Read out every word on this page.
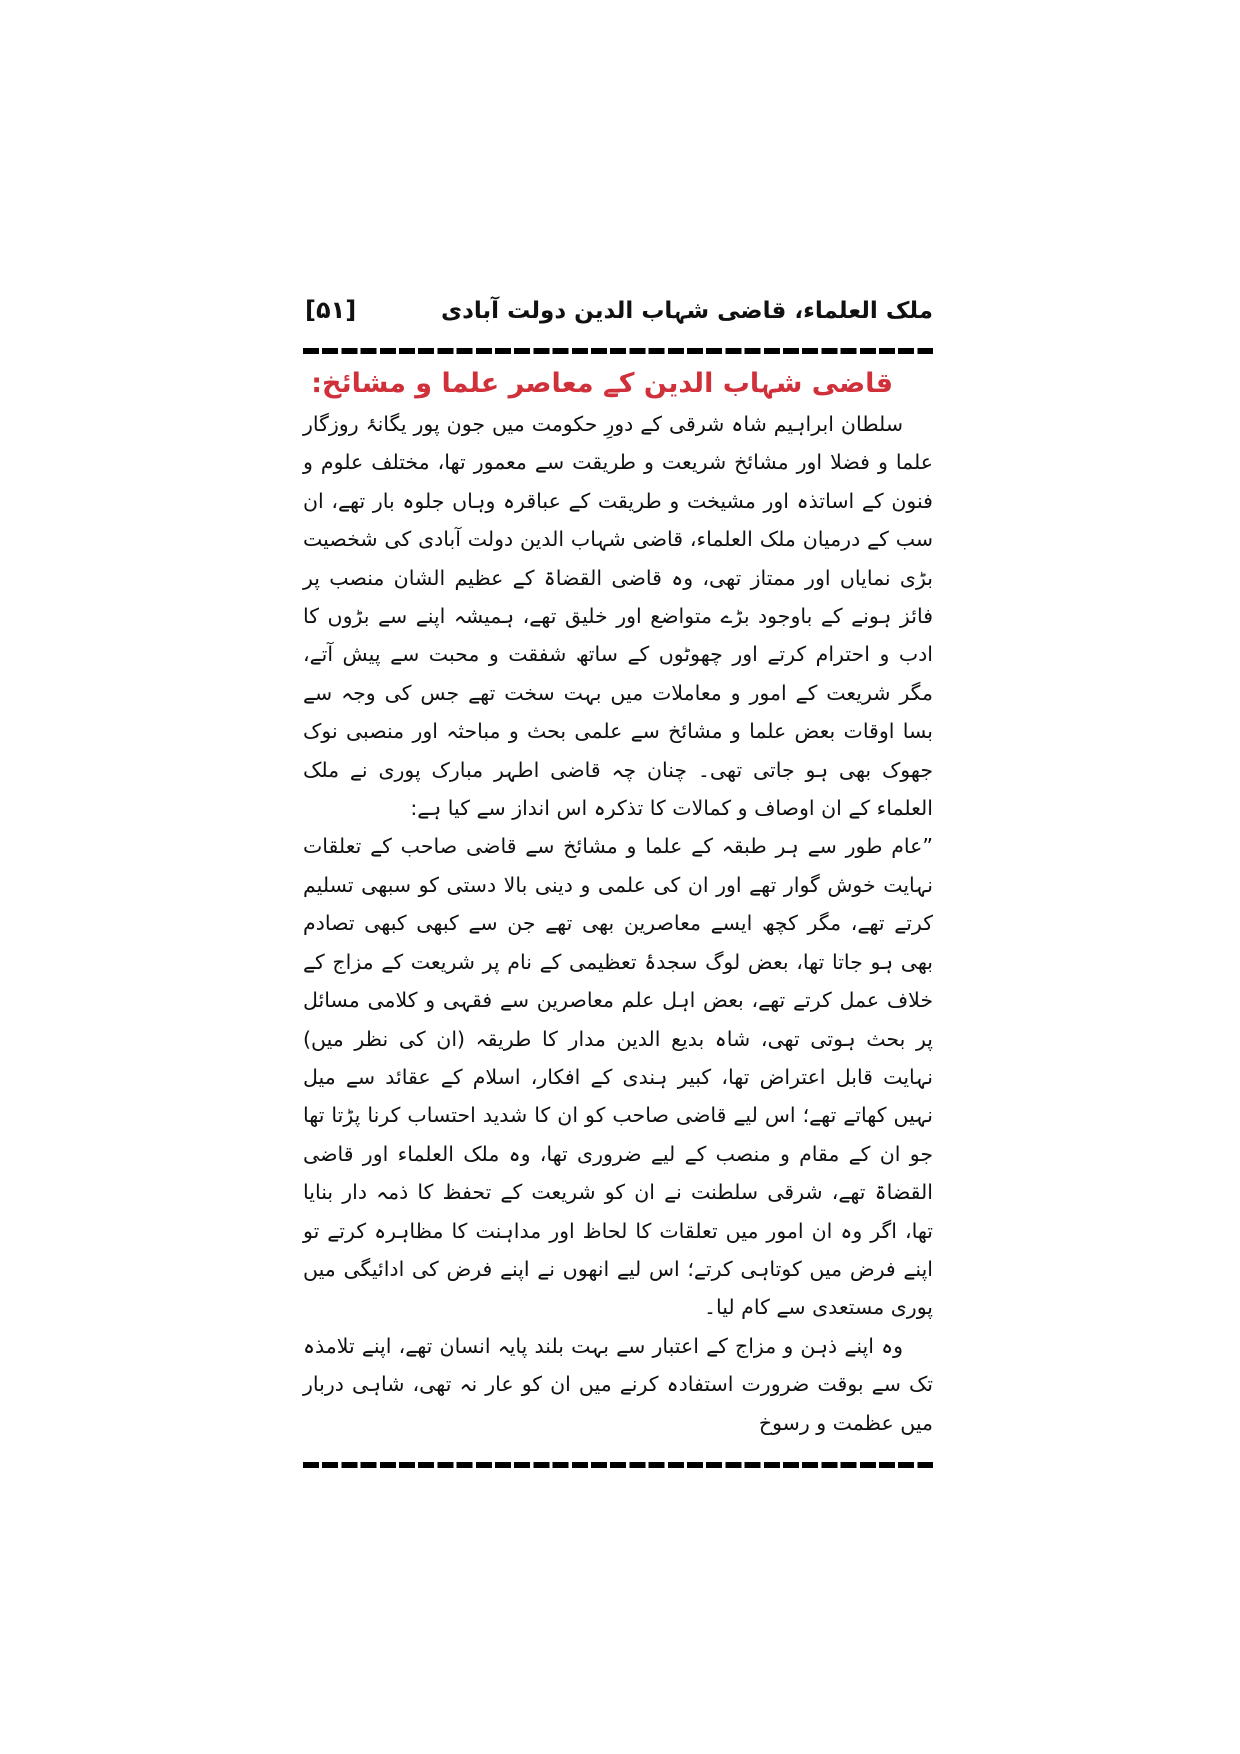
ملک العلماء، قاضی شہاب الدین دولت آبادی
[۵۱]
قاضی شہاب الدین کے معاصر علما و مشائخ:

سلطان ابراہیم شاہ شرقی کے دورِ حکومت میں جون پور یگانۂ روزگار علما و فضلا اور مشائخ شریعت و طریقت سے معمور تھا، مختلف علوم و فنون کے اساتذہ اور مشیخت و طریقت کے عباقرہ وہاں جلوہ بار تھے، ان سب کے درمیان ملک العلماء، قاضی شہاب الدین دولت آبادی کی شخصیت بڑی نمایاں اور ممتاز تھی، وہ قاضی القضاۃ کے عظیم الشان منصب پر فائز ہونے کے باوجود بڑے متواضع اور خلیق تھے، ہمیشہ اپنے سے بڑوں کا ادب و احترام کرتے اور چھوٹوں کے ساتھ شفقت و محبت سے پیش آتے، مگر شریعت کے امور و معاملات میں بہت سخت تھے جس کی وجہ سے بسا اوقات بعض علما و مشائخ سے علمی بحث و مباحثہ اور منصبی نوک جھوک بھی ہو جاتی تھی۔ چنان چہ قاضی اطہر مبارک پوری نے ملک العلماء کے ان اوصاف و کمالات کا تذکرہ اس انداز سے کیا ہے:

”عام طور سے ہر طبقہ کے علما و مشائخ سے قاضی صاحب کے تعلقات نہایت خوش گوار تھے اور ان کی علمی و دینی بالا دستی کو سبھی تسلیم کرتے تھے، مگر کچھ ایسے معاصرین بھی تھے جن سے کبھی کبھی تصادم بھی ہو جاتا تھا، بعض لوگ سجدۂ تعظیمی کے نام پر شریعت کے مزاج کے خلاف عمل کرتے تھے، بعض اہل علم معاصرین سے فقہی و کلامی مسائل پر بحث ہوتی تھی، شاہ بدیع الدین مدار کا طریقہ (ان کی نظر میں) نہایت قابل اعتراض تھا، کبیر ہندی کے افکار، اسلام کے عقائد سے میل نہیں کھاتے تھے؛ اس لیے قاضی صاحب کو ان کا شدید احتساب کرنا پڑتا تھا جو ان کے مقام و منصب کے لیے ضروری تھا، وہ ملک العلماء اور قاضی القضاۃ تھے، شرقی سلطنت نے ان کو شریعت کے تحفظ کا ذمہ دار بنایا تھا، اگر وہ ان امور میں تعلقات کا لحاظ اور مداہنت کا مظاہرہ کرتے تو اپنے فرض میں کوتاہی کرتے؛ اس لیے انھوں نے اپنے فرض کی ادائیگی میں پوری مستعدی سے کام لیا۔

وہ اپنے ذہن و مزاج کے اعتبار سے بہت بلند پایہ انسان تھے، اپنے تلامذہ تک سے بوقت ضرورت استفادہ کرنے میں ان کو عار نہ تھی، شاہی دربار میں عظمت و رسوخ
